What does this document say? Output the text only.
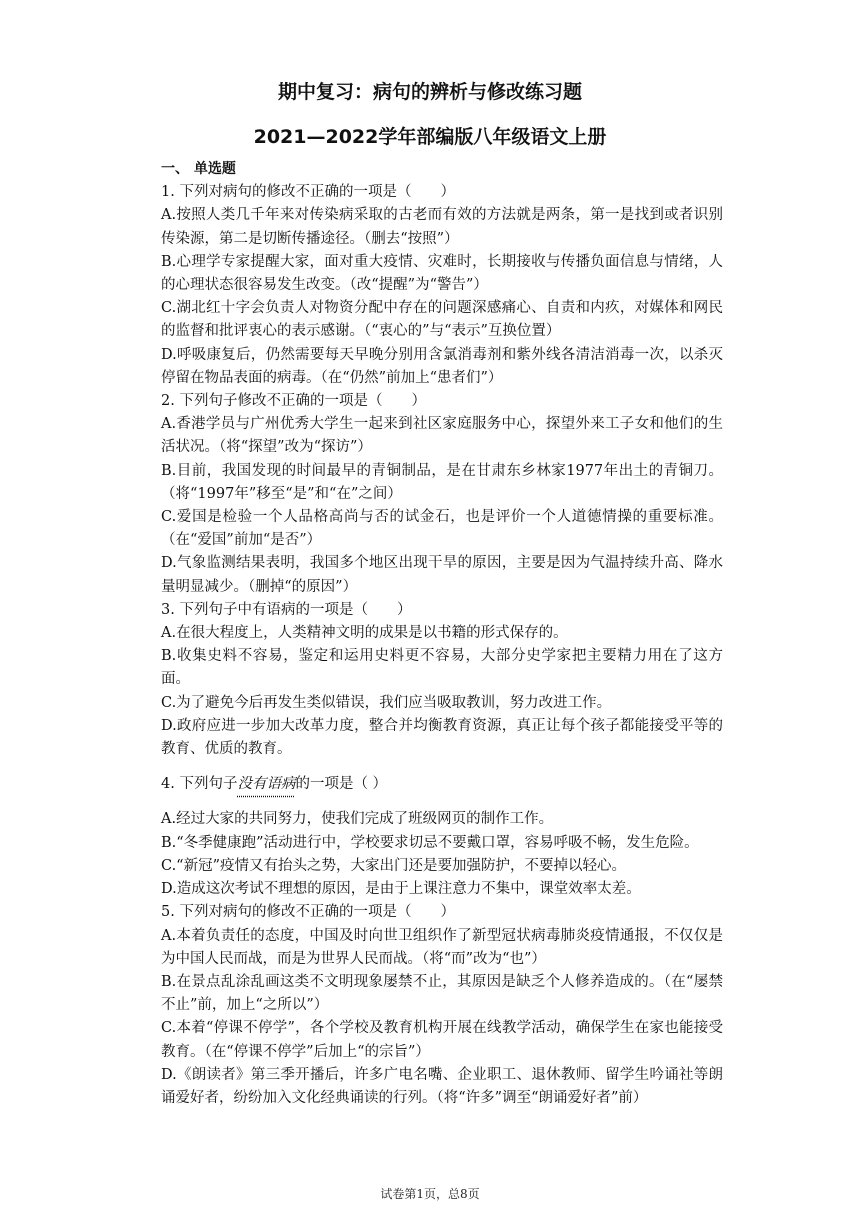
期中复习：病句的辨析与修改练习题
2021—2022学年部编版八年级语文上册

一、 单选题

1. 下列对病句的修改不正确的一项是（　　）

A.按照人类几千年来对传染病采取的古老而有效的方法就是两条，第一是找到或者识别传染源，第二是切断传播途径。（删去“按照”）

B.心理学专家提醒大家，面对重大疫情、灾难时，长期接收与传播负面信息与情绪，人的心理状态很容易发生改变。（改“提醒”为“警告”）

C.湖北红十字会负责人对物资分配中存在的问题深感痛心、自责和内疚，对媒体和网民的监督和批评衷心的表示感谢。（“衷心的”与“表示”互换位置）

D.呼吸康复后，仍然需要每天早晚分别用含氯消毒剂和紫外线各清洁消毒一次，以杀灭停留在物品表面的病毒。（在“仍然”前加上“患者们”）

2. 下列句子修改不正确的一项是（　　）

A.香港学员与广州优秀大学生一起来到社区家庭服务中心，探望外来工子女和他们的生活状况。（将“探望”改为“探访”）

B.目前，我国发现的时间最早的青铜制品，是在甘肃东乡林家1977年出土的青铜刀。（将“1997年”移至“是”和“在”之间）

C.爱国是检验一个人品格高尚与否的试金石，也是评价一个人道德情操的重要标准。（在“爱国”前加“是否”）

D.气象监测结果表明，我国多个地区出现干旱的原因，主要是因为气温持续升高、降水量明显减少。（删掉“的原因”）

3. 下列句子中有语病的一项是（　　）

A.在很大程度上，人类精神文明的成果是以书籍的形式保存的。

B.收集史料不容易，鉴定和运用史料更不容易，大部分史学家把主要精力用在了这方面。

C.为了避免今后再发生类似错误，我们应当吸取教训，努力改进工作。

D.政府应进一步加大改革力度，整合并均衡教育资源，真正让每个孩子都能接受平等的教育、优质的教育。

4. 下列句子没有语病的一项是（ ）

A.经过大家的共同努力，使我们完成了班级网页的制作工作。

B.“冬季健康跑”活动进行中，学校要求切忌不要戴口罩，容易呼吸不畅，发生危险。

C.“新冠”疫情又有抬头之势，大家出门还是要加强防护，不要掉以轻心。

D.造成这次考试不理想的原因，是由于上课注意力不集中，课堂效率太差。

5. 下列对病句的修改不正确的一项是（　　）

A.本着负责任的态度，中国及时向世卫组织作了新型冠状病毒肺炎疫情通报，不仅仅是为中国人民而战，而是为世界人民而战。（将“而”改为“也”）

B.在景点乱涂乱画这类不文明现象屡禁不止，其原因是缺乏个人修养造成的。（在“屡禁不止”前，加上“之所以”）

C.本着“停课不停学”，各个学校及教育机构开展在线教学活动，确保学生在家也能接受教育。（在“停课不停学”后加上“的宗旨”）

D.《朗读者》第三季开播后，许多广电名嘴、企业职工、退休教师、留学生吟诵社等朗诵爱好者，纷纷加入文化经典诵读的行列。（将“许多”调至“朗诵爱好者”前）

试卷第1页，总8页
